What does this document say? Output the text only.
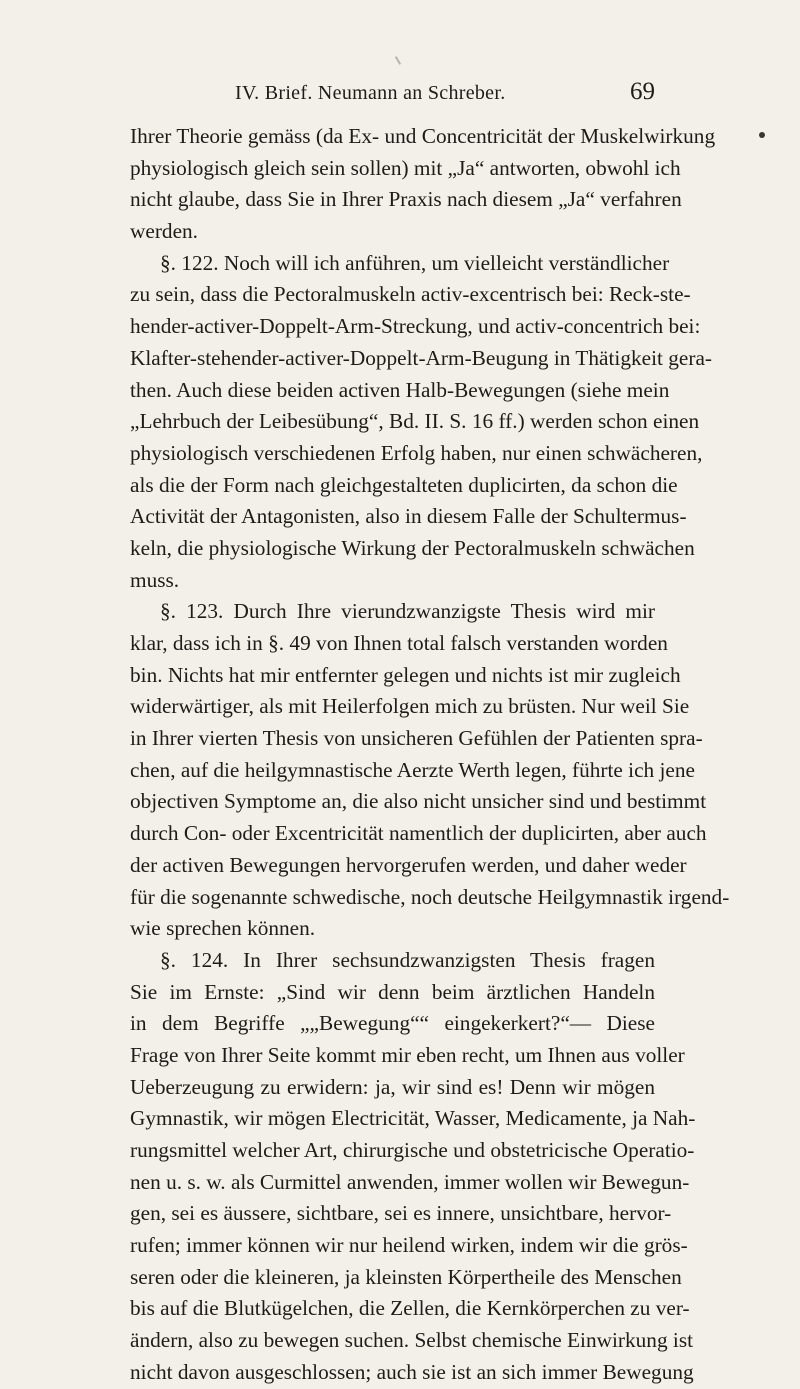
IV. Brief. Neumann an Schreber.	69
Ihrer Theorie gemäss (da Ex- und Concentricität der Muskelwirkung
physiologisch gleich sein sollen) mit „Ja“ antworten, obwohl ich
nicht glaube, dass Sie in Ihrer Praxis nach diesem „Ja“ verfahren
werden.
§. 122. Noch will ich anführen, um vielleicht verständlicher
zu sein, dass die Pectoralmuskeln activ-excentrisch bei: Reck-ste-
hender-activer-Doppelt-Arm-Streckung, und activ-concentrich bei:
Klafter-stehender-activer-Doppelt-Arm-Beugung in Thätigkeit gera-
then. Auch diese beiden activen Halb-Bewegungen (siehe mein
„Lehrbuch der Leibesübung“, Bd. II. S. 16 ff.) werden schon einen
physiologisch verschiedenen Erfolg haben, nur einen schwächeren,
als die der Form nach gleichgestalteten duplicirten, da schon die
Activität der Antagonisten, also in diesem Falle der Schultermus-
keln, die physiologische Wirkung der Pectoralmuskeln schwächen
muss.
§. 123. Durch Ihre vierundzwanzigste Thesis wird mir
klar, dass ich in §. 49 von Ihnen total falsch verstanden worden
bin. Nichts hat mir entfernter gelegen und nichts ist mir zugleich
widerwärtiger, als mit Heilerfolgen mich zu brüsten. Nur weil Sie
in Ihrer vierten Thesis von unsicheren Gefühlen der Patienten spra-
chen, auf die heilgymnastische Aerzte Werth legen, führte ich jene
objectiven Symptome an, die also nicht unsicher sind und bestimmt
durch Con- oder Excentricität namentlich der duplicirten, aber auch
der activen Bewegungen hervorgerufen werden, und daher weder
für die sogenannte schwedische, noch deutsche Heilgymnastik irgend-
wie sprechen können.
§. 124. In Ihrer sechsundzwanzigsten Thesis fragen
Sie im Ernste: „Sind wir denn beim ärztlichen Handeln
in dem Begriffe „„Bewegung““ eingekerkert?“— Diese
Frage von Ihrer Seite kommt mir eben recht, um Ihnen aus voller
Ueberzeugung zu erwidern: ja, wir sind es! Denn wir mögen
Gymnastik, wir mögen Electricität, Wasser, Medicamente, ja Nah-
rungsmittel welcher Art, chirurgische und obstetricische Operatio-
nen u. s. w. als Curmittel anwenden, immer wollen wir Bewegun-
gen, sei es äussere, sichtbare, sei es innere, unsichtbare, hervor-
rufen; immer können wir nur heilend wirken, indem wir die grös-
seren oder die kleineren, ja kleinsten Körpertheile des Menschen
bis auf die Blutkügelchen, die Zellen, die Kernkörperchen zu ver-
ändern, also zu bewegen suchen. Selbst chemische Einwirkung ist
nicht davon ausgeschlossen; auch sie ist an sich immer Bewegung
